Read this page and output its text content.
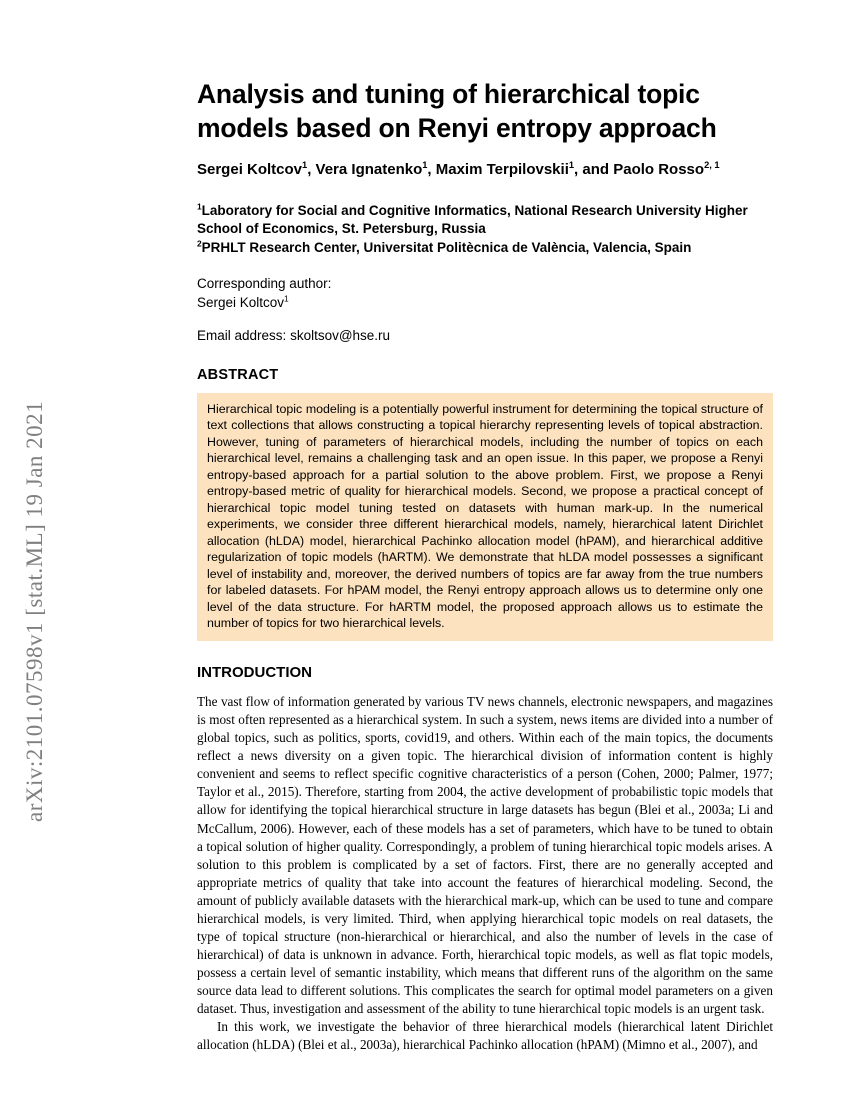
arXiv:2101.07598v1 [stat.ML] 19 Jan 2021
Analysis and tuning of hierarchical topic models based on Renyi entropy approach
Sergei Koltcov$^1$, Vera Ignatenko$^1$, Maxim Terpilovskii$^1$, and Paolo Rosso$^{2, 1}$
$^1$Laboratory for Social and Cognitive Informatics, National Research University Higher School of Economics, St. Petersburg, Russia
$^2$PRHLT Research Center, Universitat Politècnica de València, Valencia, Spain
Corresponding author:
Sergei Koltcov$^1$
Email address: skoltsov@hse.ru
ABSTRACT
Hierarchical topic modeling is a potentially powerful instrument for determining the topical structure of text collections that allows constructing a topical hierarchy representing levels of topical abstraction. However, tuning of parameters of hierarchical models, including the number of topics on each hierarchical level, remains a challenging task and an open issue. In this paper, we propose a Renyi entropy-based approach for a partial solution to the above problem. First, we propose a Renyi entropy-based metric of quality for hierarchical models. Second, we propose a practical concept of hierarchical topic model tuning tested on datasets with human mark-up. In the numerical experiments, we consider three different hierarchical models, namely, hierarchical latent Dirichlet allocation (hLDA) model, hierarchical Pachinko allocation model (hPAM), and hierarchical additive regularization of topic models (hARTM). We demonstrate that hLDA model possesses a significant level of instability and, moreover, the derived numbers of topics are far away from the true numbers for labeled datasets. For hPAM model, the Renyi entropy approach allows us to determine only one level of the data structure. For hARTM model, the proposed approach allows us to estimate the number of topics for two hierarchical levels.
INTRODUCTION

The vast flow of information generated by various TV news channels, electronic newspapers, and magazines is most often represented as a hierarchical system. In such a system, news items are divided into a number of global topics, such as politics, sports, covid19, and others. Within each of the main topics, the documents reflect a news diversity on a given topic. The hierarchical division of information content is highly convenient and seems to reflect specific cognitive characteristics of a person (Cohen, 2000; Palmer, 1977; Taylor et al., 2015). Therefore, starting from 2004, the active development of probabilistic topic models that allow for identifying the topical hierarchical structure in large datasets has begun (Blei et al., 2003a; Li and McCallum, 2006). However, each of these models has a set of parameters, which have to be tuned to obtain a topical solution of higher quality. Correspondingly, a problem of tuning hierarchical topic models arises. A solution to this problem is complicated by a set of factors. First, there are no generally accepted and appropriate metrics of quality that take into account the features of hierarchical modeling. Second, the amount of publicly available datasets with the hierarchical mark-up, which can be used to tune and compare hierarchical models, is very limited. Third, when applying hierarchical topic models on real datasets, the type of topical structure (non-hierarchical or hierarchical, and also the number of levels in the case of hierarchical) of data is unknown in advance. Forth, hierarchical topic models, as well as flat topic models, possess a certain level of semantic instability, which means that different runs of the algorithm on the same source data lead to different solutions. This complicates the search for optimal model parameters on a given dataset. Thus, investigation and assessment of the ability to tune hierarchical topic models is an urgent task.

In this work, we investigate the behavior of three hierarchical models (hierarchical latent Dirichlet allocation (hLDA) (Blei et al., 2003a), hierarchical Pachinko allocation (hPAM) (Mimno et al., 2007), and
